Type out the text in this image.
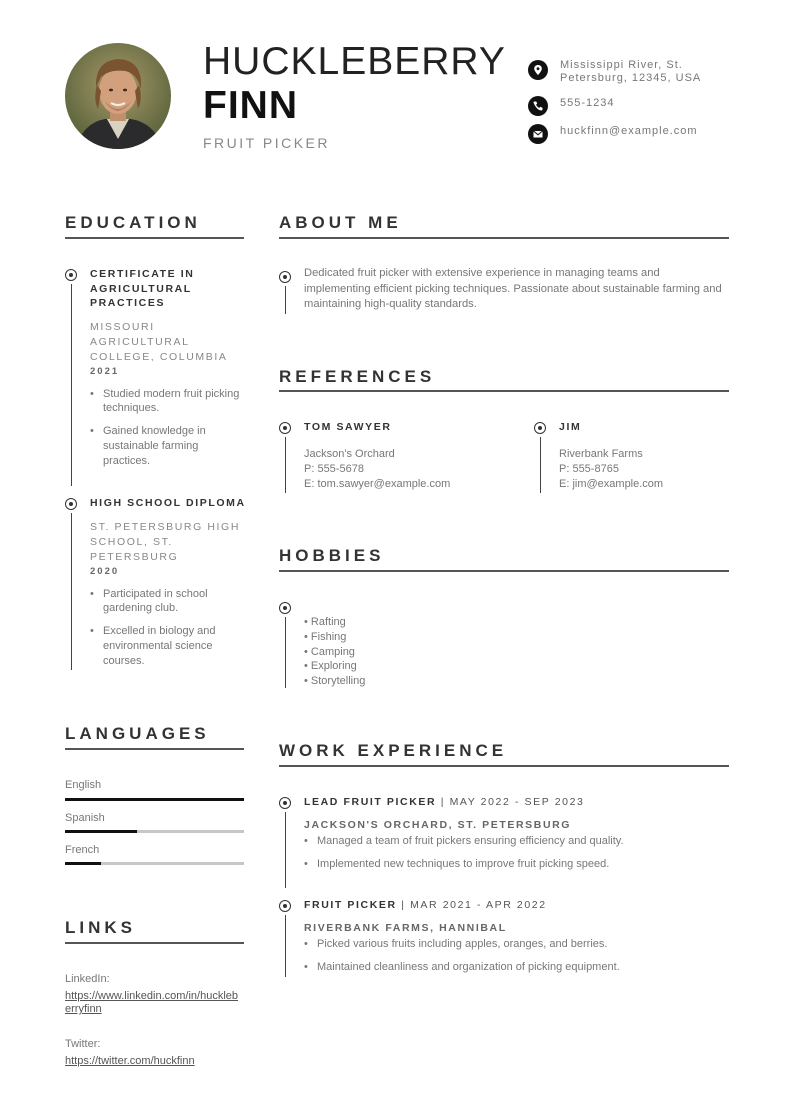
HUCKLEBERRY
FINN
FRUIT PICKER
Mississippi River, St. Petersburg, 12345, USA
555-1234
huckfinn@example.com
EDUCATION
CERTIFICATE IN AGRICULTURAL PRACTICES
MISSOURI AGRICULTURAL COLLEGE, COLUMBIA
2021
• Studied modern fruit picking techniques.
• Gained knowledge in sustainable farming practices.
HIGH SCHOOL DIPLOMA
ST. PETERSBURG HIGH SCHOOL, ST. PETERSBURG
2020
• Participated in school gardening club.
• Excelled in biology and environmental science courses.
LANGUAGES
English
Spanish
French
LINKS
LinkedIn:
https://www.linkedin.com/in/huckleberryfinn
Twitter:
https://twitter.com/huckfinn
ABOUT ME
Dedicated fruit picker with extensive experience in managing teams and implementing efficient picking techniques. Passionate about sustainable farming and maintaining high-quality standards.
REFERENCES
TOM SAWYER
Jackson's Orchard
P: 555-5678
E: tom.sawyer@example.com
JIM
Riverbank Farms
P: 555-8765
E: jim@example.com
HOBBIES
• Rafting
• Fishing
• Camping
• Exploring
• Storytelling
WORK EXPERIENCE
LEAD FRUIT PICKER | MAY 2022 - SEP 2023
JACKSON'S ORCHARD, ST. PETERSBURG
• Managed a team of fruit pickers ensuring efficiency and quality.
• Implemented new techniques to improve fruit picking speed.
FRUIT PICKER | MAR 2021 - APR 2022
RIVERBANK FARMS, HANNIBAL
• Picked various fruits including apples, oranges, and berries.
• Maintained cleanliness and organization of picking equipment.
